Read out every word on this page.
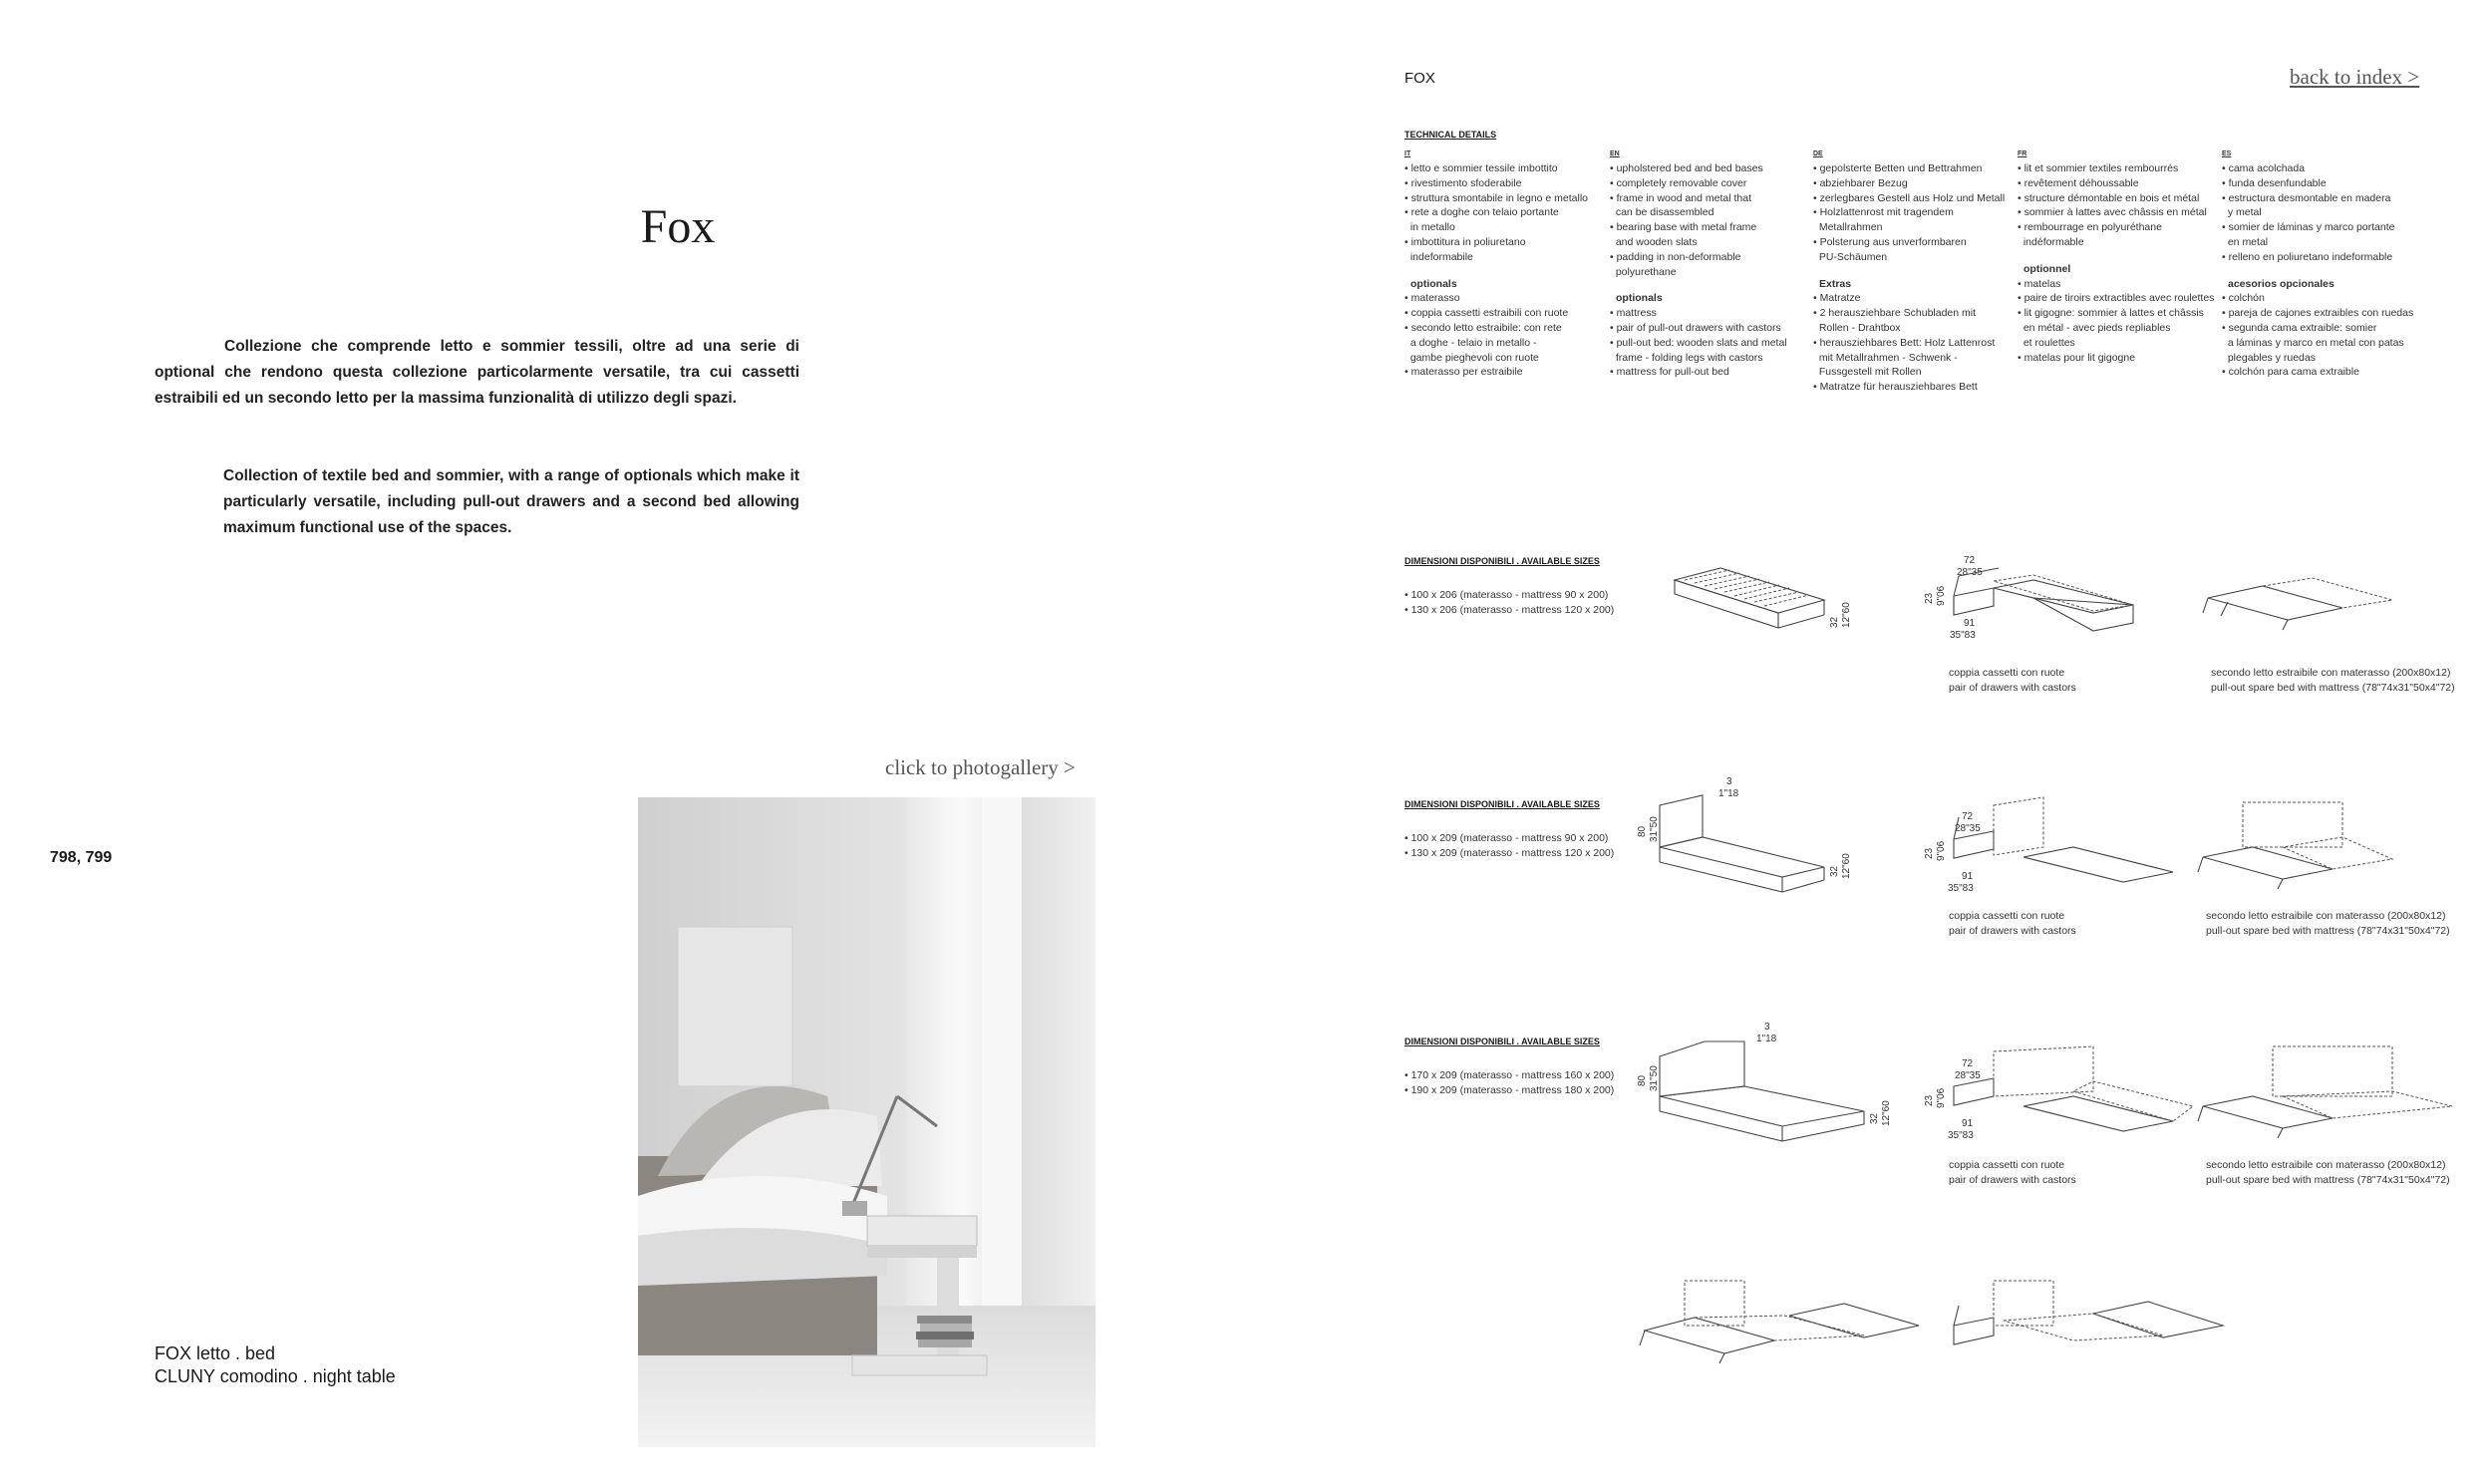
Fox
Collezione che comprende letto e sommier tessili, oltre ad una serie di optional che rendono questa collezione particolarmente versatile, tra cui cassetti estraibili ed un secondo letto per la massima funzionalità di utilizzo degli spazi.
Collection of textile bed and sommier, with a range of optionals which make it particularly versatile, including pull-out drawers and a second bed allowing maximum functional use of the spaces.
click to photogallery >
798, 799
FOX letto . bed
CLUNY comodino . night table
FOX	back to index >
TECHNICAL DETAILS
IT
• letto e sommier tessile imbottito
• rivestimento sfoderabile
• struttura smontabile in legno e metallo
• rete a doghe con telaio portante
in metallo
• imbottitura in poliuretano
indeformabile
optionals
• materasso
• coppia cassetti estraibili con ruote
• secondo letto estraibile: con rete
a doghe - telaio in metallo -
gambe pieghevoli con ruote
• materasso per estraibile
EN
• upholstered bed and bed bases
• completely removable cover
• frame in wood and metal that
can be disassembled
• bearing base with metal frame
and wooden slats
• padding in non-deformable
polyurethane
optionals
• mattress
• pair of pull-out drawers with castors
• pull-out bed: wooden slats and metal
frame - folding legs with castors
• mattress for pull-out bed
DE
• gepolsterte Betten und Bettrahmen
• abziehbarer Bezug
• zerlegbares Gestell aus Holz und Metall
• Holzlattenrost mit tragendem
Metallrahmen
• Polsterung aus unverformbaren
PU-Schäumen
Extras
• Matratze
• 2 herausziehbare Schubladen mit
Rollen - Drahtbox
• herausziehbares Bett: Holz Lattenrost
mit Metallrahmen - Schwenk -
Fussgestell mit Rollen
• Matratze für herausziehbares Bett
FR
• lit et sommier textiles rembourrés
• revêtement déhoussable
• structure démontable en bois et métal
• sommier à lattes avec châssis en métal
• rembourrage en polyuréthane
indéformable
optionnel
• matelas
• paire de tiroirs extractibles avec roulettes
• lit gigogne: sommier à lattes et châssis
en métal - avec pieds repliables
et roulettes
• matelas pour lit gigogne
ES
• cama acolchada
• funda desenfundable
• estructura desmontable en madera
y metal
• somier de láminas y marco portante
en metal
• relleno en poliuretano indeformable
acesorios opcionales
• colchón
• pareja de cajones extraibles con ruedas
• segunda cama extraible: somier
a láminas y marco en metal con patas
plegables y ruedas
• colchón para cama extraible
DIMENSIONI DISPONIBILI . AVAILABLE SIZES
• 100 x 206 (materasso - mattress 90 x 200)
• 130 x 206 (materasso - mattress 120 x 200)
coppia cassetti con ruote
pair of drawers with castors
secondo letto estraibile con materasso (200x80x12)
pull-out spare bed with mattress (78"74x31"50x4"72)
DIMENSIONI DISPONIBILI . AVAILABLE SIZES
• 100 x 209 (materasso - mattress 90 x 200)
• 130 x 209 (materasso - mattress 120 x 200)
coppia cassetti con ruote
pair of drawers with castors
secondo letto estraibile con materasso (200x80x12)
pull-out spare bed with mattress (78"74x31"50x4"72)
DIMENSIONI DISPONIBILI . AVAILABLE SIZES
• 170 x 209 (materasso - mattress 160 x 200)
• 190 x 209 (materasso - mattress 180 x 200)
coppia cassetti con ruote
pair of drawers with castors
secondo letto estraibile con materasso (200x80x12)
pull-out spare bed with mattress (78"74x31"50x4"72)
32 12"60
72
28"35
23 9"06
91
35"83
3
1"18
80 31"50
32 12"60
72
28"35
23 9"06
91
35"83
3
1"18
80 31"50
32 12"60
72
28"35
23 9"06
91
35"83
